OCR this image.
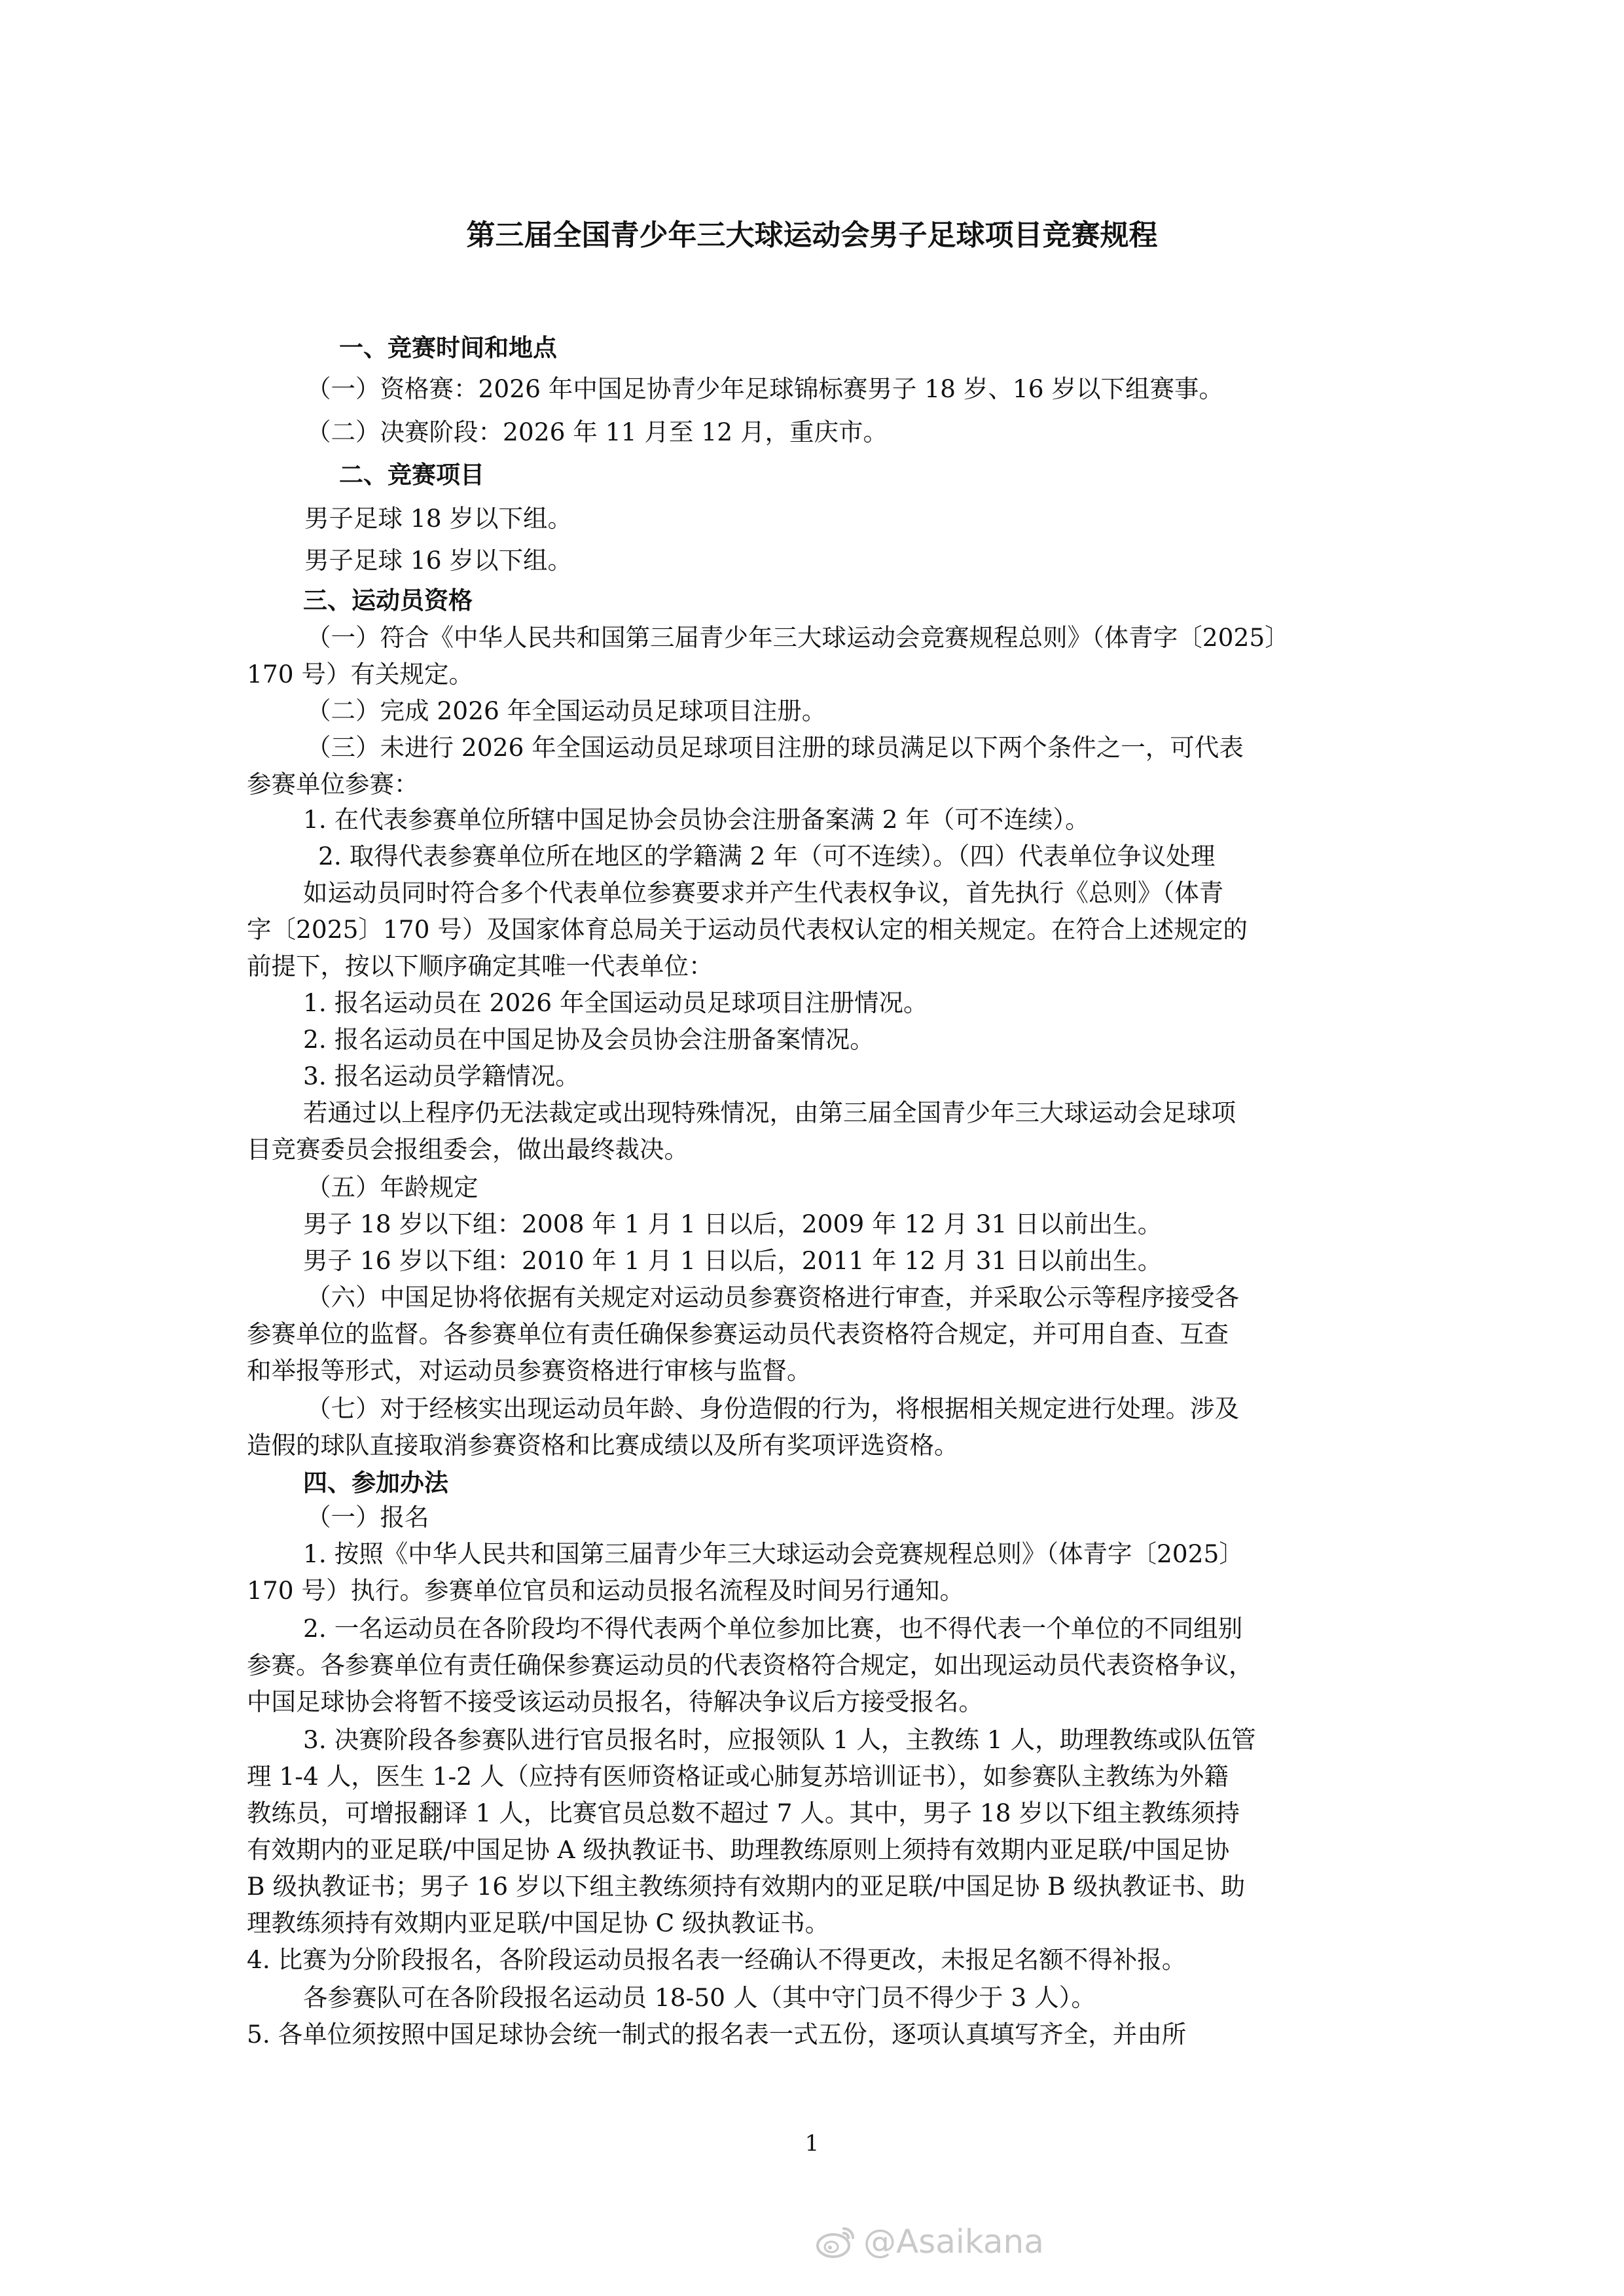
第三届全国青少年三大球运动会男子足球项目竞赛规程

一、竞赛时间和地点

（一）资格赛：2026 年中国足协青少年足球锦标赛男子 18 岁、16 岁以下组赛事。

（二）决赛阶段：2026 年 11 月至 12 月，重庆市。

二、竞赛项目

男子足球 18 岁以下组。

男子足球 16 岁以下组。

三、运动员资格

（一）符合《中华人民共和国第三届青少年三大球运动会竞赛规程总则》（体青字〔2025〕

170 号）有关规定。

（二）完成 2026 年全国运动员足球项目注册。

（三）未进行 2026 年全国运动员足球项目注册的球员满足以下两个条件之一，可代表

参赛单位参赛：

1. 在代表参赛单位所辖中国足协会员协会注册备案满 2 年（可不连续）。

2. 取得代表参赛单位所在地区的学籍满 2 年（可不连续）。（四）代表单位争议处理

如运动员同时符合多个代表单位参赛要求并产生代表权争议，首先执行《总则》（体青

字〔2025〕170 号）及国家体育总局关于运动员代表权认定的相关规定。在符合上述规定的

前提下，按以下顺序确定其唯一代表单位：

1. 报名运动员在 2026 年全国运动员足球项目注册情况。

2. 报名运动员在中国足协及会员协会注册备案情况。

3. 报名运动员学籍情况。

若通过以上程序仍无法裁定或出现特殊情况，由第三届全国青少年三大球运动会足球项

目竞赛委员会报组委会，做出最终裁决。

（五）年龄规定

男子 18 岁以下组：2008 年 1 月 1 日以后，2009 年 12 月 31 日以前出生。

男子 16 岁以下组：2010 年 1 月 1 日以后，2011 年 12 月 31 日以前出生。

（六）中国足协将依据有关规定对运动员参赛资格进行审查，并采取公示等程序接受各

参赛单位的监督。各参赛单位有责任确保参赛运动员代表资格符合规定，并可用自查、互查

和举报等形式，对运动员参赛资格进行审核与监督。

（七）对于经核实出现运动员年龄、身份造假的行为，将根据相关规定进行处理。涉及

造假的球队直接取消参赛资格和比赛成绩以及所有奖项评选资格。

四、参加办法

（一）报名

1. 按照《中华人民共和国第三届青少年三大球运动会竞赛规程总则》（体青字〔2025〕

170 号）执行。参赛单位官员和运动员报名流程及时间另行通知。

2. 一名运动员在各阶段均不得代表两个单位参加比赛，也不得代表一个单位的不同组别

参赛。各参赛单位有责任确保参赛运动员的代表资格符合规定，如出现运动员代表资格争议，

中国足球协会将暂不接受该运动员报名，待解决争议后方接受报名。

3. 决赛阶段各参赛队进行官员报名时，应报领队 1 人，主教练 1 人，助理教练或队伍管

理 1-4 人，医生 1-2 人（应持有医师资格证或心肺复苏培训证书），如参赛队主教练为外籍

教练员，可增报翻译 1 人，比赛官员总数不超过 7 人。其中，男子 18 岁以下组主教练须持

有效期内的亚足联/中国足协 A 级执教证书、助理教练原则上须持有效期内亚足联/中国足协

B 级执教证书；男子 16 岁以下组主教练须持有效期内的亚足联/中国足协 B 级执教证书、助

理教练须持有效期内亚足联/中国足协 C 级执教证书。

4. 比赛为分阶段报名，各阶段运动员报名表一经确认不得更改，未报足名额不得补报。

各参赛队可在各阶段报名运动员 18-50 人（其中守门员不得少于 3 人）。

5. 各单位须按照中国足球协会统一制式的报名表一式五份，逐项认真填写齐全，并由所

1

@Asaikana
